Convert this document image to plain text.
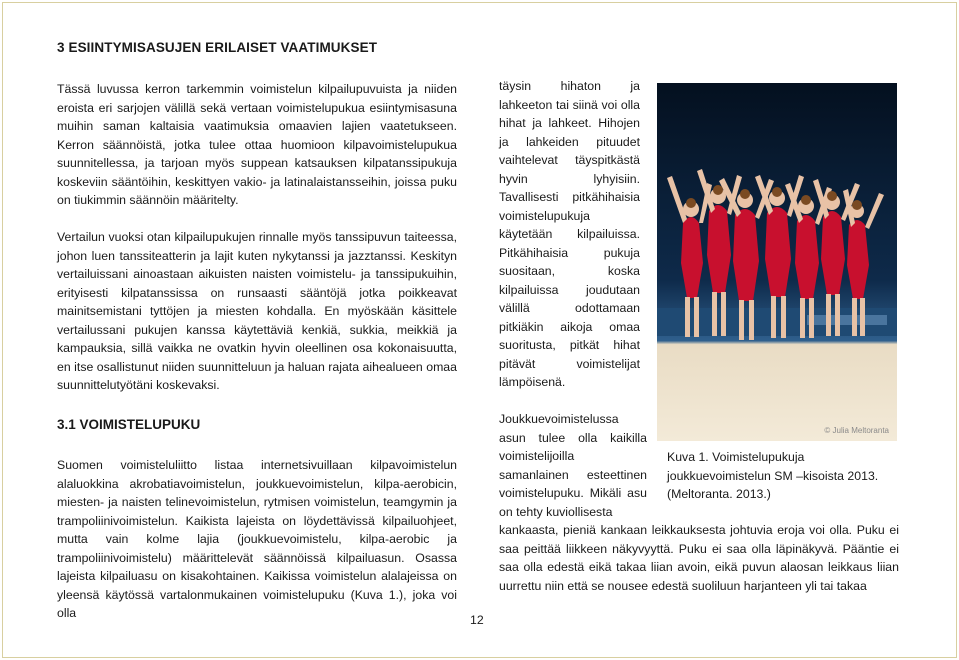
3 ESIINTYMISASUJEN ERILAISET VAATIMUKSET

Tässä luvussa kerron tarkemmin voimistelun kilpailupuvuista ja niiden eroista eri sarjojen välillä sekä vertaan voimistelupukua esiintymisasuna muihin saman kaltaisia vaatimuksia omaavien lajien vaatetukseen. Kerron säännöistä, jotka tulee ottaa huomioon kilpavoimistelupukua suunnitellessa, ja tarjoan myös suppean katsauksen kilpatanssipukuja koskeviin sääntöihin, keskittyen vakio- ja latinalaistansseihin, joissa puku on tiukimmin säännöin määritelty.

Vertailun vuoksi otan kilpailupukujen rinnalle myös tanssipuvun taiteessa, johon luen tanssiteatterin ja lajit kuten nykytanssi ja jazztanssi. Keskityn vertailuissani ainoastaan aikuisten naisten voimistelu- ja tanssipukuihin, erityisesti kilpatanssissa on runsaasti sääntöjä jotka poikkeavat mainitsemistani tyttöjen ja miesten kohdalla. En myöskään käsittele vertailussani pukujen kanssa käytettäviä kenkiä, sukkia, meikkiä ja kampauksia, sillä vaikka ne ovatkin hyvin oleellinen osa kokonaisuutta, en itse osallistunut niiden suunnitteluun ja haluan rajata aihealueen omaa suunnittelutyötäni koskevaksi.

3.1 VOIMISTELUPUKU

Suomen voimisteluliitto listaa internetsivuillaan kilpavoimistelun alaluokkina akrobatiavoimistelun, joukkuevoimistelun, kilpa-aerobicin, miesten- ja naisten telinevoimistelun, rytmisen voimistelun, teamgymin ja trampoliinivoimistelun. Kaikista lajeista on löydettävissä kilpailuohjeet, mutta vain kolme lajia (joukkuevoimistelu, kilpa-aerobic ja trampoliinivoimistelu) määrittelevät säännöissä kilpailuasun. Osassa lajeista kilpailuasu on kisakohtainen. Kaikissa voimistelun alalajeissa on yleensä käytössä vartalonmukainen voimistelupuku (Kuva 1.), joka voi olla

täysin hihaton ja lahkeeton tai siinä voi olla hihat ja lahkeet. Hihojen ja lahkeiden pituudet vaihtelevat täyspitkästä hyvin lyhyisiin. Tavallisesti pitkähihaisia voimistelupukuja käytetään kilpailuissa. Pitkähihaisia pukuja suositaan, koska kilpailuissa joudutaan välillä odottamaan pitkiäkin aikoja omaa suoritusta, pitkät hihat pitävät voimistelijat lämpöisenä.

Joukkuevoimistelussa asun tulee olla kaikilla voimistelijoilla samanlainen esteettinen voimistelupuku. Mikäli asu on tehty kuviollisesta

kankaasta, pieniä kankaan leikkauksesta johtuvia eroja voi olla. Puku ei saa peittää liikkeen näkyvyyttä. Puku ei saa olla läpinäkyvä. Pääntie ei saa olla edestä eikä takaa liian avoin, eikä puvun alaosan leikkaus liian uurrettu niin että se nousee edestä suoliluun harjanteen yli tai takaa

© Julia Meltoranta
Kuva 1. Voimistelupukuja
joukkuevoimistelun SM –kisoista 2013.
(Meltoranta. 2013.)
12
